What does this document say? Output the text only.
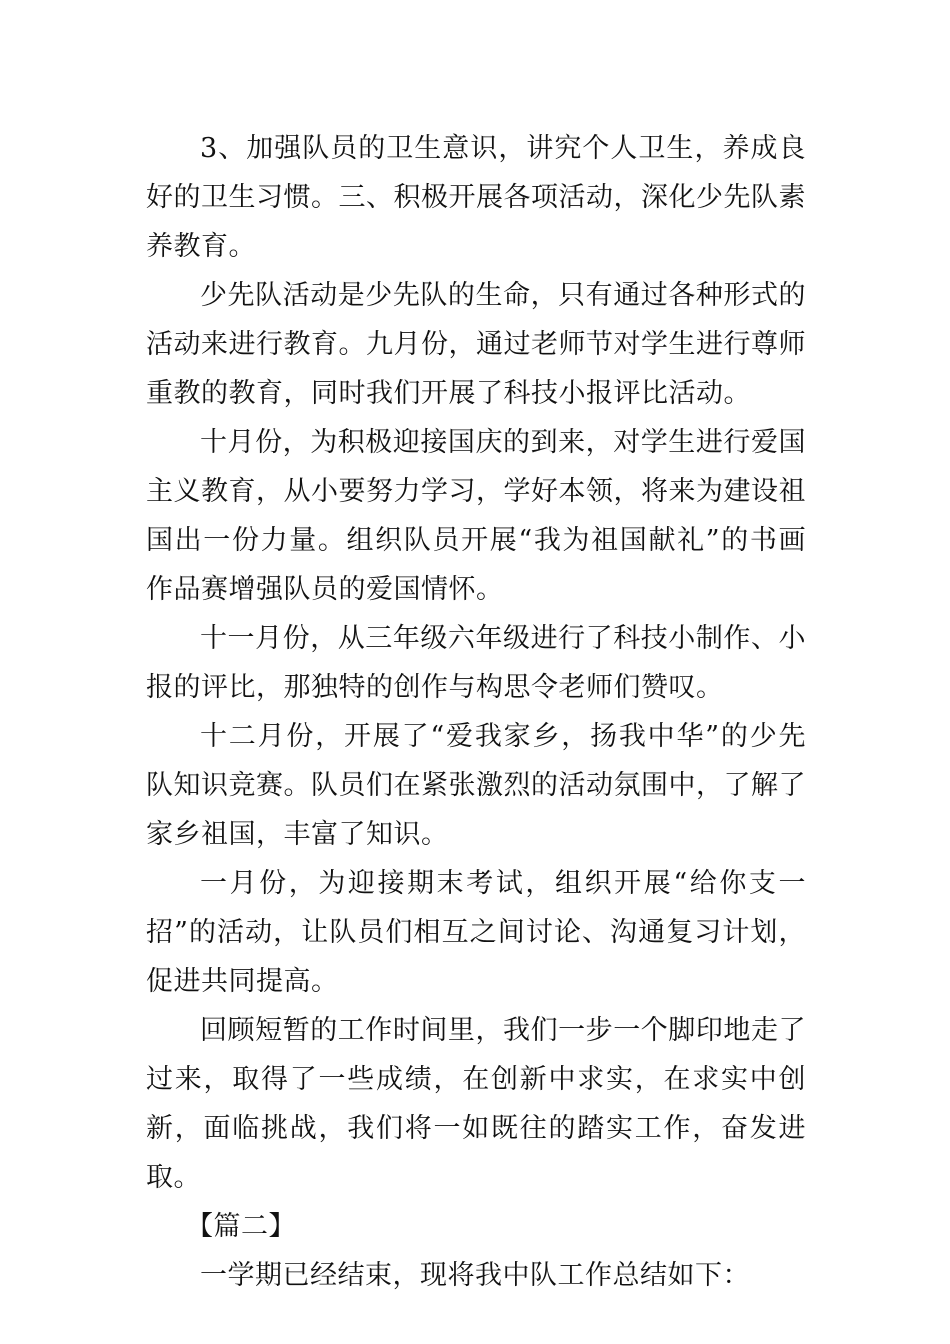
3、加强队员的卫生意识，讲究个人卫生，养成良好的卫生习惯。三、积极开展各项活动，深化少先队素养教育。

少先队活动是少先队的生命，只有通过各种形式的活动来进行教育。九月份，通过老师节对学生进行尊师重教的教育，同时我们开展了科技小报评比活动。

十月份，为积极迎接国庆的到来，对学生进行爱国主义教育，从小要努力学习，学好本领，将来为建设祖国出一份力量。组织队员开展“我为祖国献礼”的书画作品赛增强队员的爱国情怀。

十一月份，从三年级六年级进行了科技小制作、小报的评比，那独特的创作与构思令老师们赞叹。

十二月份，开展了“爱我家乡，扬我中华”的少先队知识竞赛。队员们在紧张激烈的活动氛围中，了解了家乡祖国，丰富了知识。

一月份，为迎接期末考试，组织开展“给你支一招”的活动，让队员们相互之间讨论、沟通复习计划，促进共同提高。

回顾短暂的工作时间里，我们一步一个脚印地走了过来，取得了一些成绩，在创新中求实，在求实中创新，面临挑战，我们将一如既往的踏实工作，奋发进取。

【篇二】

一学期已经结束，现将我中队工作总结如下：
